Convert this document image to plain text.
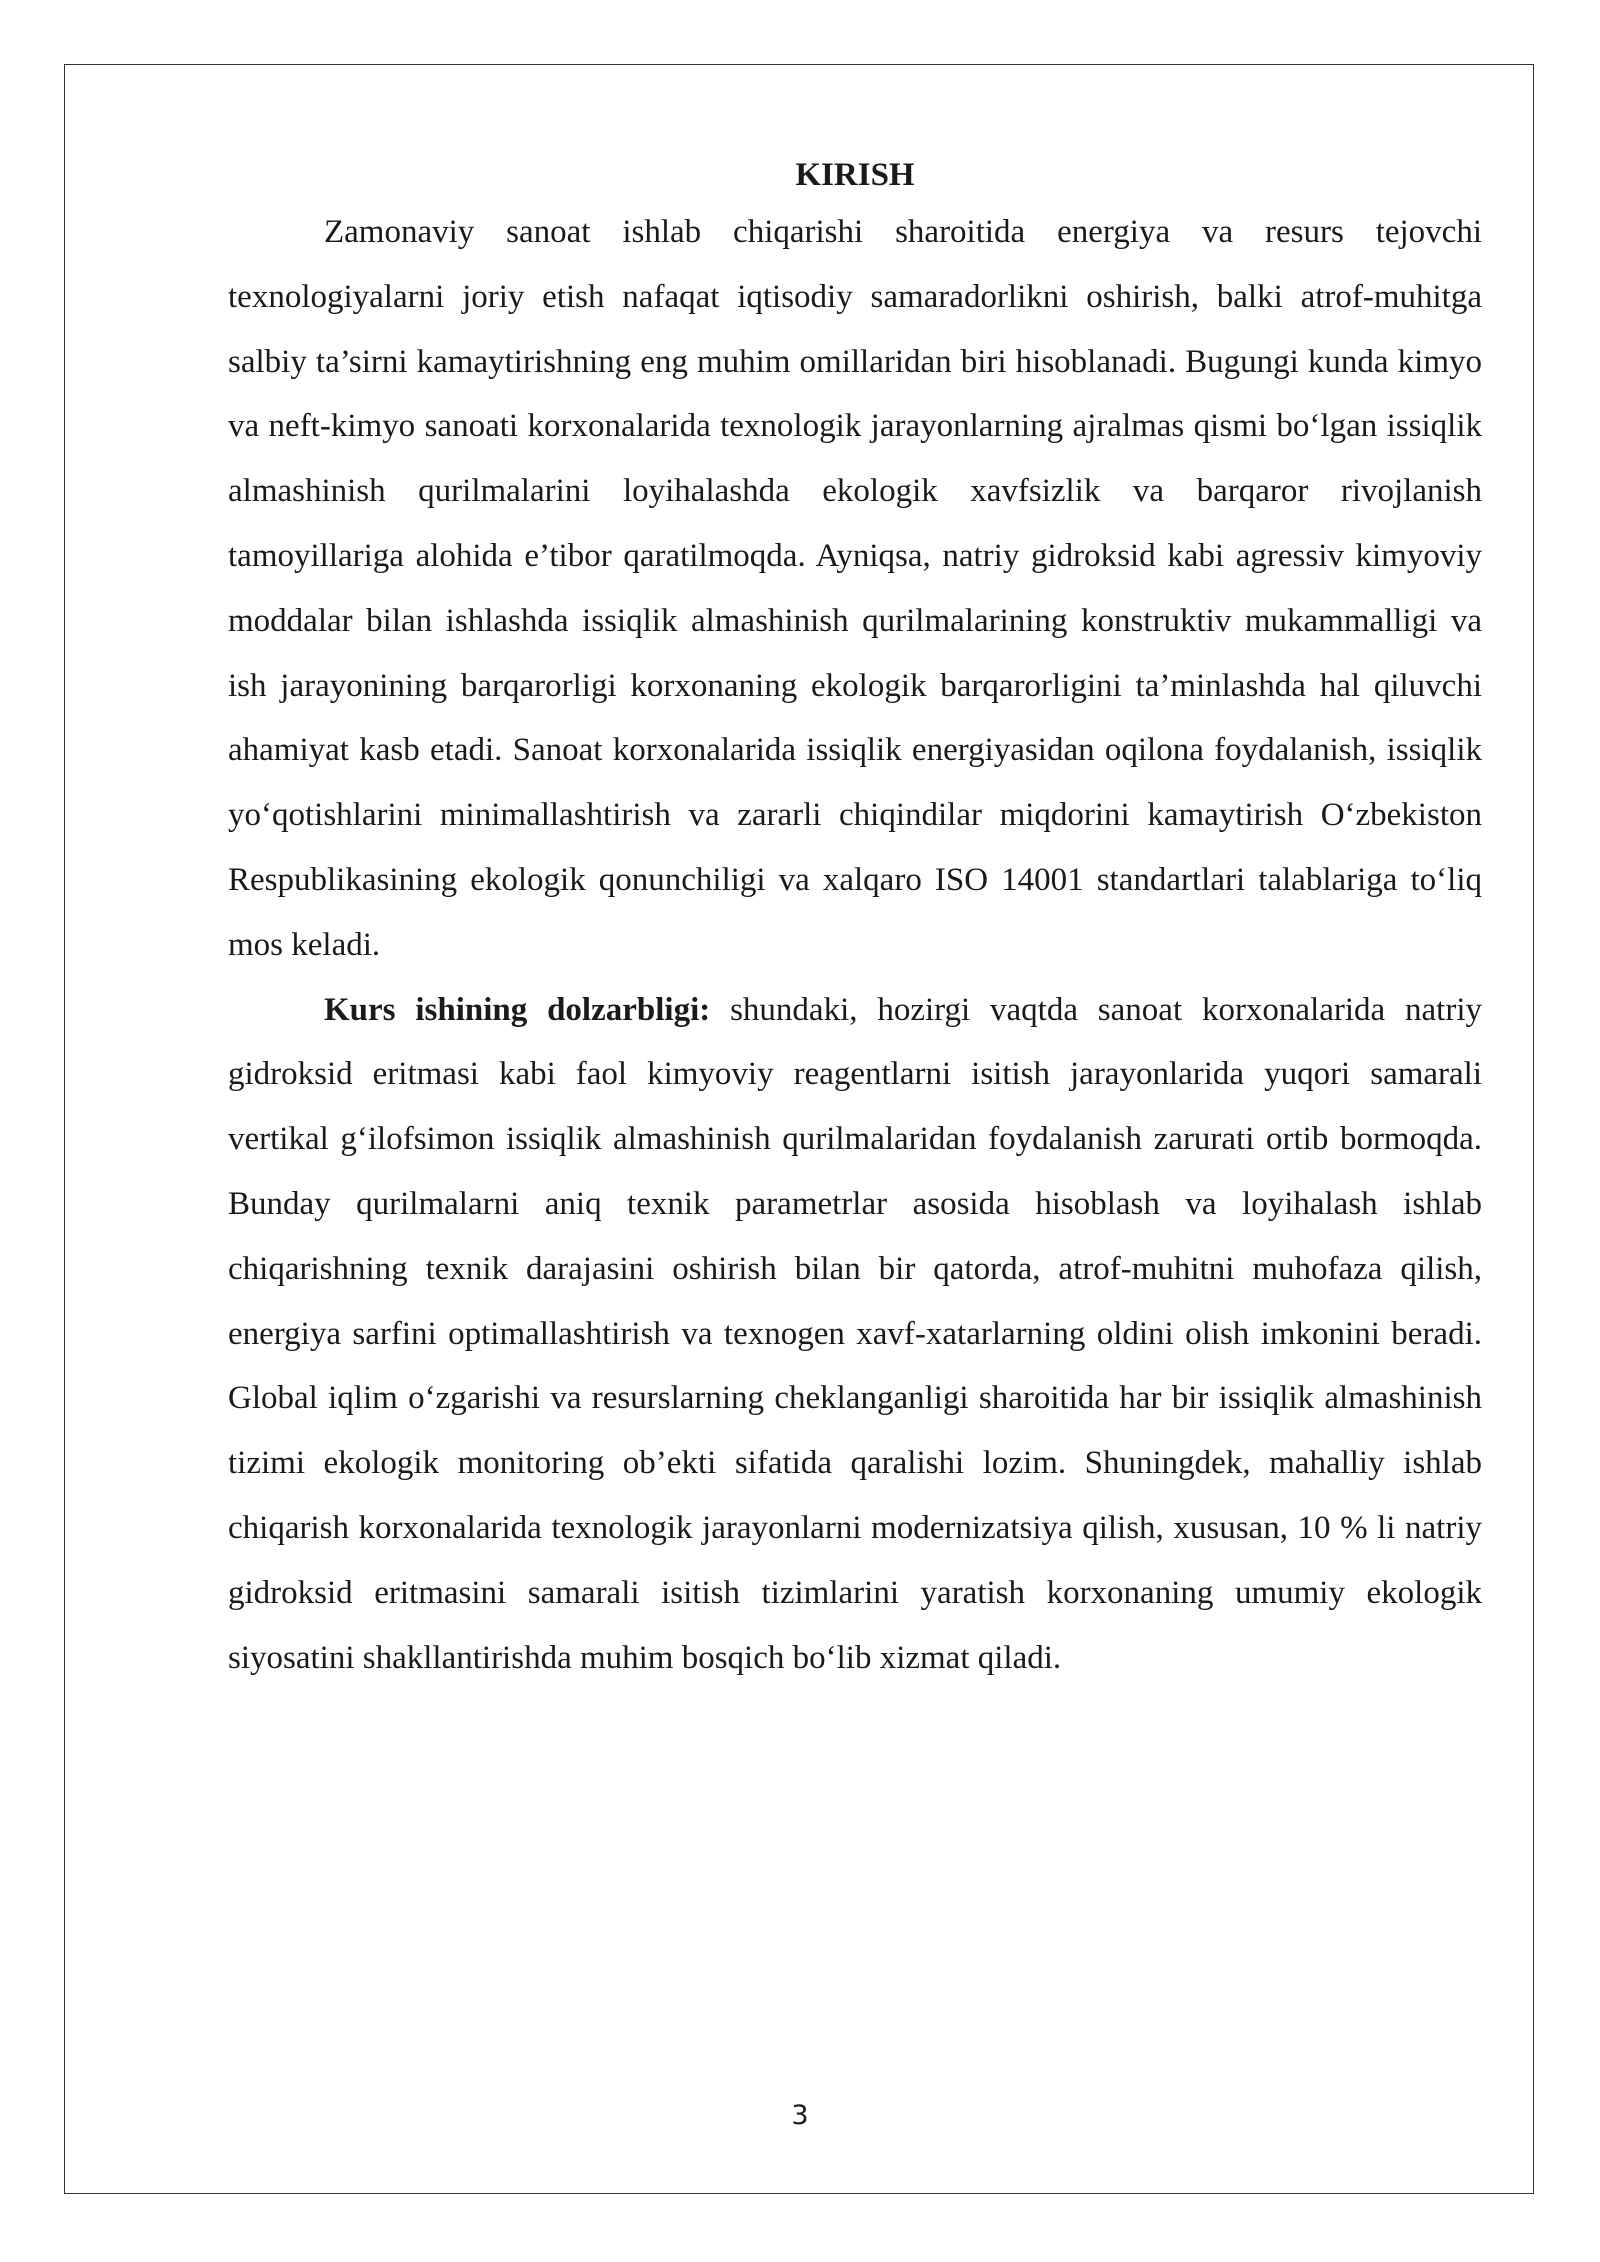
KIRISH

Zamonaviy sanoat ishlab chiqarishi sharoitida energiya va resurs tejovchi texnologiyalarni joriy etish nafaqat iqtisodiy samaradorlikni oshirish, balki atrof-muhitga salbiy ta’sirni kamaytirishning eng muhim omillaridan biri hisoblanadi. Bugungi kunda kimyo va neft-kimyo sanoati korxonalarida texnologik jarayonlarning ajralmas qismi bo‘lgan issiqlik almashinish qurilmalarini loyihalashda ekologik xavfsizlik va barqaror rivojlanish tamoyillariga alohida e’tibor qaratilmoqda. Ayniqsa, natriy gidroksid kabi agressiv kimyoviy moddalar bilan ishlashda issiqlik almashinish qurilmalarining konstruktiv mukammalligi va ish jarayonining barqarorligi korxonaning ekologik barqarorligini ta’minlashda hal qiluvchi ahamiyat kasb etadi. Sanoat korxonalarida issiqlik energiyasidan oqilona foydalanish, issiqlik yo‘qotishlarini minimallashtirish va zararli chiqindilar miqdorini kamaytirish O‘zbekiston Respublikasining ekologik qonunchiligi va xalqaro ISO 14001 standartlari talablariga to‘liq mos keladi.

Kurs ishining dolzarbligi: shundaki, hozirgi vaqtda sanoat korxonalarida natriy gidroksid eritmasi kabi faol kimyoviy reagentlarni isitish jarayonlarida yuqori samarali vertikal g‘ilofsimon issiqlik almashinish qurilmalaridan foydalanish zarurati ortib bormoqda. Bunday qurilmalarni aniq texnik parametrlar asosida hisoblash va loyihalash ishlab chiqarishning texnik darajasini oshirish bilan bir qatorda, atrof-muhitni muhofaza qilish, energiya sarfini optimallashtirish va texnogen xavf-xatarlarning oldini olish imkonini beradi. Global iqlim o‘zgarishi va resurslarning cheklanganligi sharoitida har bir issiqlik almashinish tizimi ekologik monitoring ob’ekti sifatida qaralishi lozim. Shuningdek, mahalliy ishlab chiqarish korxonalarida texnologik jarayonlarni modernizatsiya qilish, xususan, 10 % li natriy gidroksid eritmasini samarali isitish tizimlarini yaratish korxonaning umumiy ekologik siyosatini shakllantirishda muhim bosqich bo‘lib xizmat qiladi.

3
